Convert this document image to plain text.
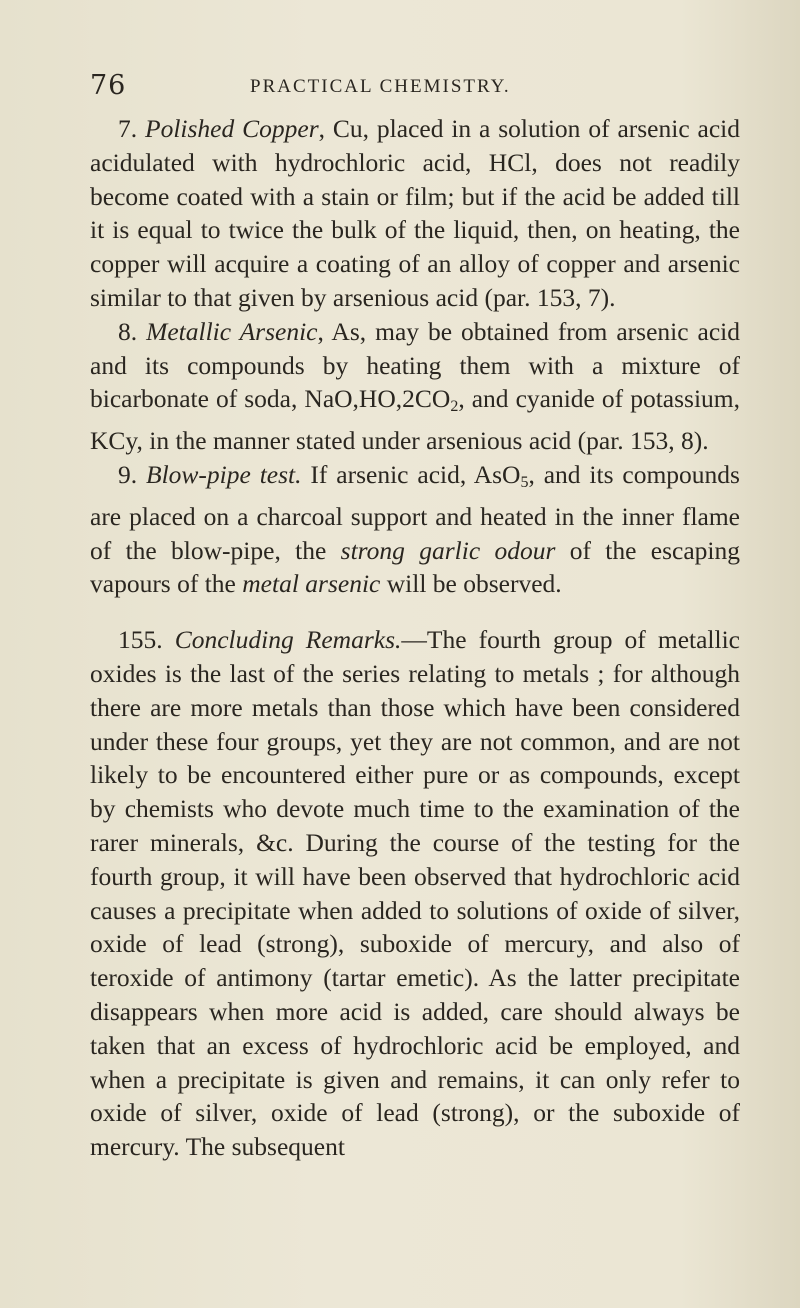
76	PRACTICAL CHEMISTRY.

7. Polished Copper, Cu, placed in a solution of arsenic acid acidulated with hydrochloric acid, HCl, does not readily become coated with a stain or film; but if the acid be added till it is equal to twice the bulk of the liquid, then, on heating, the copper will acquire a coating of an alloy of copper and arsenic similar to that given by arsenious acid (par. 153, 7).

8. Metallic Arsenic, As, may be obtained from arsenic acid and its compounds by heating them with a mixture of bicarbonate of soda, NaO,HO,2CO2, and cyanide of potassium, KCy, in the manner stated under arsenious acid (par. 153, 8).

9. Blow-pipe test. If arsenic acid, AsO5, and its compounds are placed on a charcoal support and heated in the inner flame of the blow-pipe, the strong garlic odour of the escaping vapours of the metal arsenic will be observed.

155. Concluding Remarks.—The fourth group of metallic oxides is the last of the series relating to metals ; for although there are more metals than those which have been considered under these four groups, yet they are not common, and are not likely to be encountered either pure or as compounds, except by chemists who devote much time to the examination of the rarer minerals, &c. During the course of the testing for the fourth group, it will have been observed that hydrochloric acid causes a precipitate when added to solutions of oxide of silver, oxide of lead (strong), suboxide of mercury, and also of teroxide of antimony (tartar emetic). As the latter precipitate disappears when more acid is added, care should always be taken that an excess of hydrochloric acid be employed, and when a precipitate is given and remains, it can only refer to oxide of silver, oxide of lead (strong), or the suboxide of mercury. The subsequent
